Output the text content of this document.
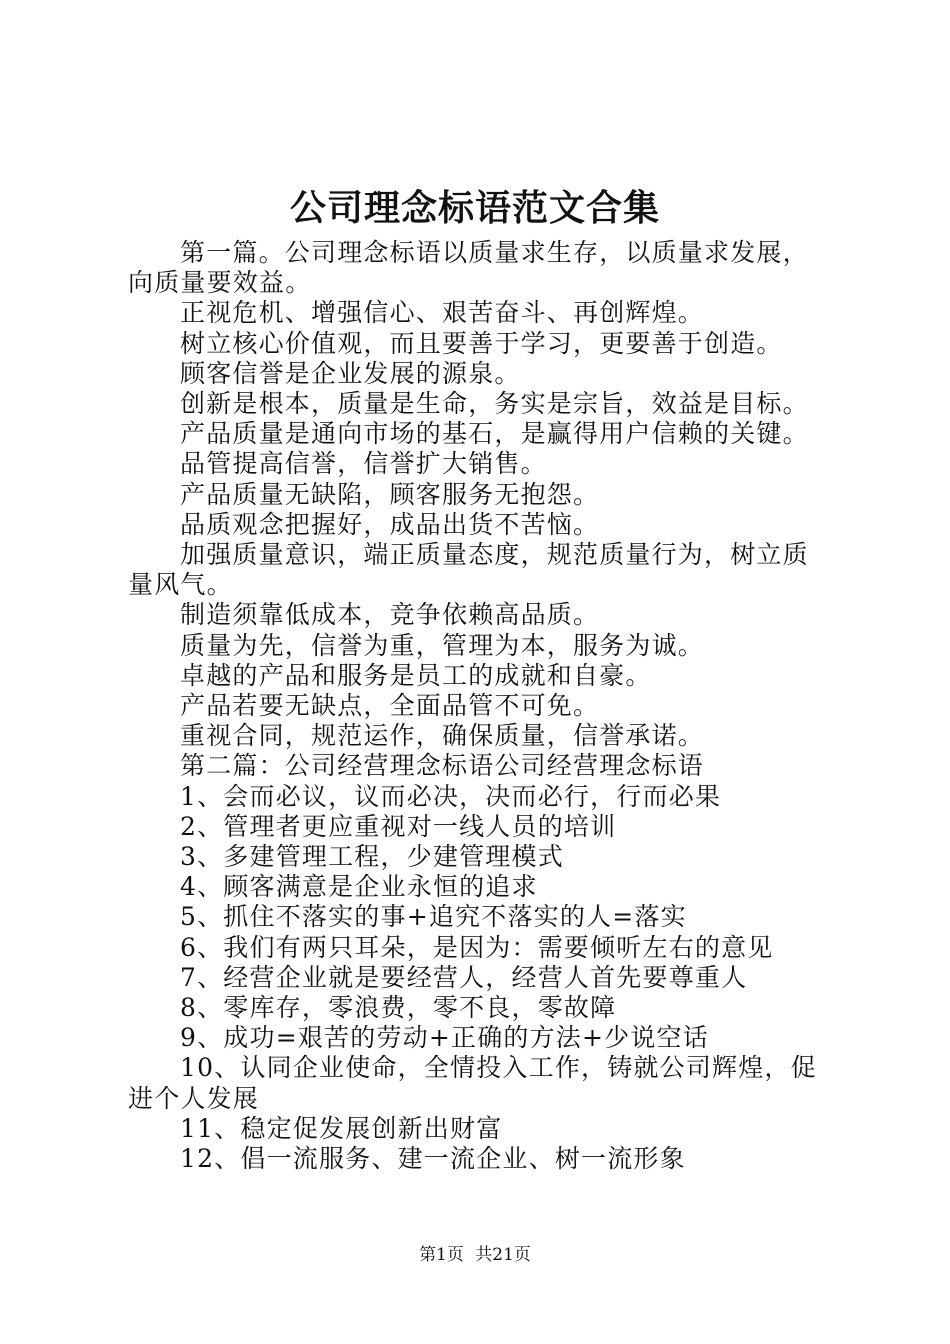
公司理念标语范文合集

第一篇。公司理念标语以质量求生存，以质量求发展，向质量要效益。

正视危机、增强信心、艰苦奋斗、再创辉煌。

树立核心价值观，而且要善于学习，更要善于创造。

顾客信誉是企业发展的源泉。

创新是根本，质量是生命，务实是宗旨，效益是目标。

产品质量是通向市场的基石，是赢得用户信赖的关键。

品管提高信誉，信誉扩大销售。

产品质量无缺陷，顾客服务无抱怨。

品质观念把握好，成品出货不苦恼。

加强质量意识，端正质量态度，规范质量行为，树立质量风气。

制造须靠低成本，竞争依赖高品质。

质量为先，信誉为重，管理为本，服务为诚。

卓越的产品和服务是员工的成就和自豪。

产品若要无缺点，全面品管不可免。

重视合同，规范运作，确保质量，信誉承诺。

第二篇：公司经营理念标语公司经营理念标语

1、会而必议，议而必决，决而必行，行而必果

2、管理者更应重视对一线人员的培训

3、多建管理工程，少建管理模式

4、顾客满意是企业永恒的追求

5、抓住不落实的事+追究不落实的人=落实

6、我们有两只耳朵，是因为：需要倾听左右的意见

7、经营企业就是要经营人，经营人首先要尊重人

8、零库存，零浪费，零不良，零故障

9、成功=艰苦的劳动+正确的方法+少说空话

10、认同企业使命，全情投入工作，铸就公司辉煌，促进个人发展

11、稳定促发展创新出财富

12、倡一流服务、建一流企业、树一流形象

第1页 共21页
